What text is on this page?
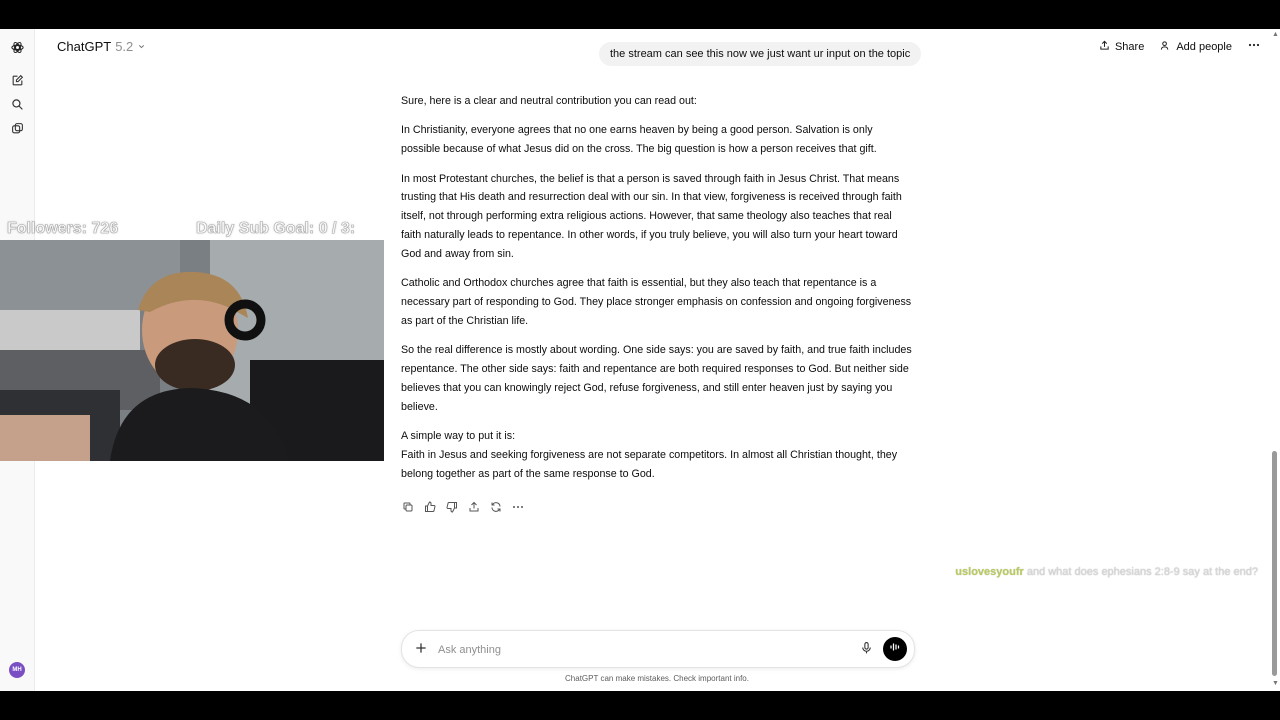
MH
ChatGPT 5.2	the stream can see this now we just want ur input on the topic
Share	Add people

Sure, here is a clear and neutral contribution you can read out:

In Christianity, everyone agrees that no one earns heaven by being a good person. Salvation is only possible because of what Jesus did on the cross. The big question is how a person receives that gift.

In most Protestant churches, the belief is that a person is saved through faith in Jesus Christ. That means trusting that His death and resurrection deal with our sin. In that view, forgiveness is received through faith itself, not through performing extra religious actions. However, that same theology also teaches that real faith naturally leads to repentance. In other words, if you truly believe, you will also turn your heart toward God and away from sin.

Catholic and Orthodox churches agree that faith is essential, but they also teach that repentance is a necessary part of responding to God. They place stronger emphasis on confession and ongoing forgiveness as part of the Christian life.

So the real difference is mostly about wording. One side says: you are saved by faith, and true faith includes repentance. The other side says: faith and repentance are both required responses to God. But neither side believes that you can knowingly reject God, refuse forgiveness, and still enter heaven just by saying you believe.

A simple way to put it is:
Faith in Jesus and seeking forgiveness are not separate competitors. In almost all Christian thought, they belong together as part of the same response to God.

Ask anything
ChatGPT can make mistakes. Check important info.
▲
▼
Followers: 726	Daily Sub Goal: 0 / 3:
uslovesyoufr and what does ephesians 2:8-9 say at the end?
